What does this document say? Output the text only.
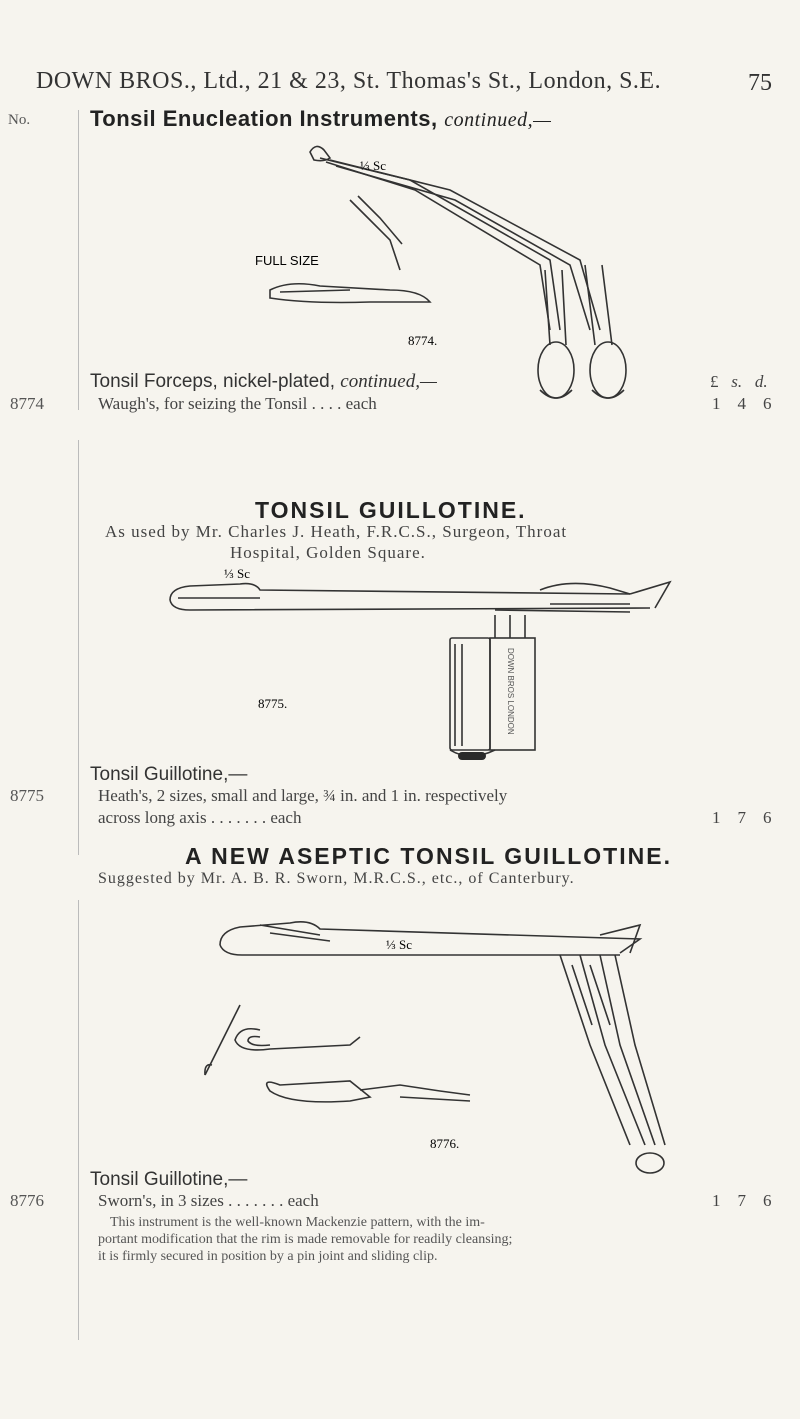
DOWN BROS., Ltd., 21 & 23, St. Thomas's St., London, S.E.	75
No.	Tonsil Enucleation Instruments, continued,—
FULL SIZE
⅓ Sc
8774.
Tonsil Forceps, nickel-plated, continued,—	£ s. d.
8774	Waugh's, for seizing the Tonsil . . . . each	1 4 6
TONSIL GUILLOTINE.
As used by Mr. Charles J. Heath, F.R.C.S., Surgeon, Throat
Hospital, Golden Square.
⅓ Sc
8775.	DOWN BROS LONDON
Tonsil Guillotine,—
8775	Heath's, 2 sizes, small and large, ¾ in. and 1 in. respectively
across long axis . . . . . . . each	1 7 6
A NEW ASEPTIC TONSIL GUILLOTINE.
Suggested by Mr. A. B. R. Sworn, M.R.C.S., etc., of Canterbury.
⅓ Sc
8776.
Tonsil Guillotine,—
8776	Sworn's, in 3 sizes . . . . . . . each	1 7 6
This instrument is the well-known Mackenzie pattern, with the im-
portant modification that the rim is made removable for readily cleansing;
it is firmly secured in position by a pin joint and sliding clip.
